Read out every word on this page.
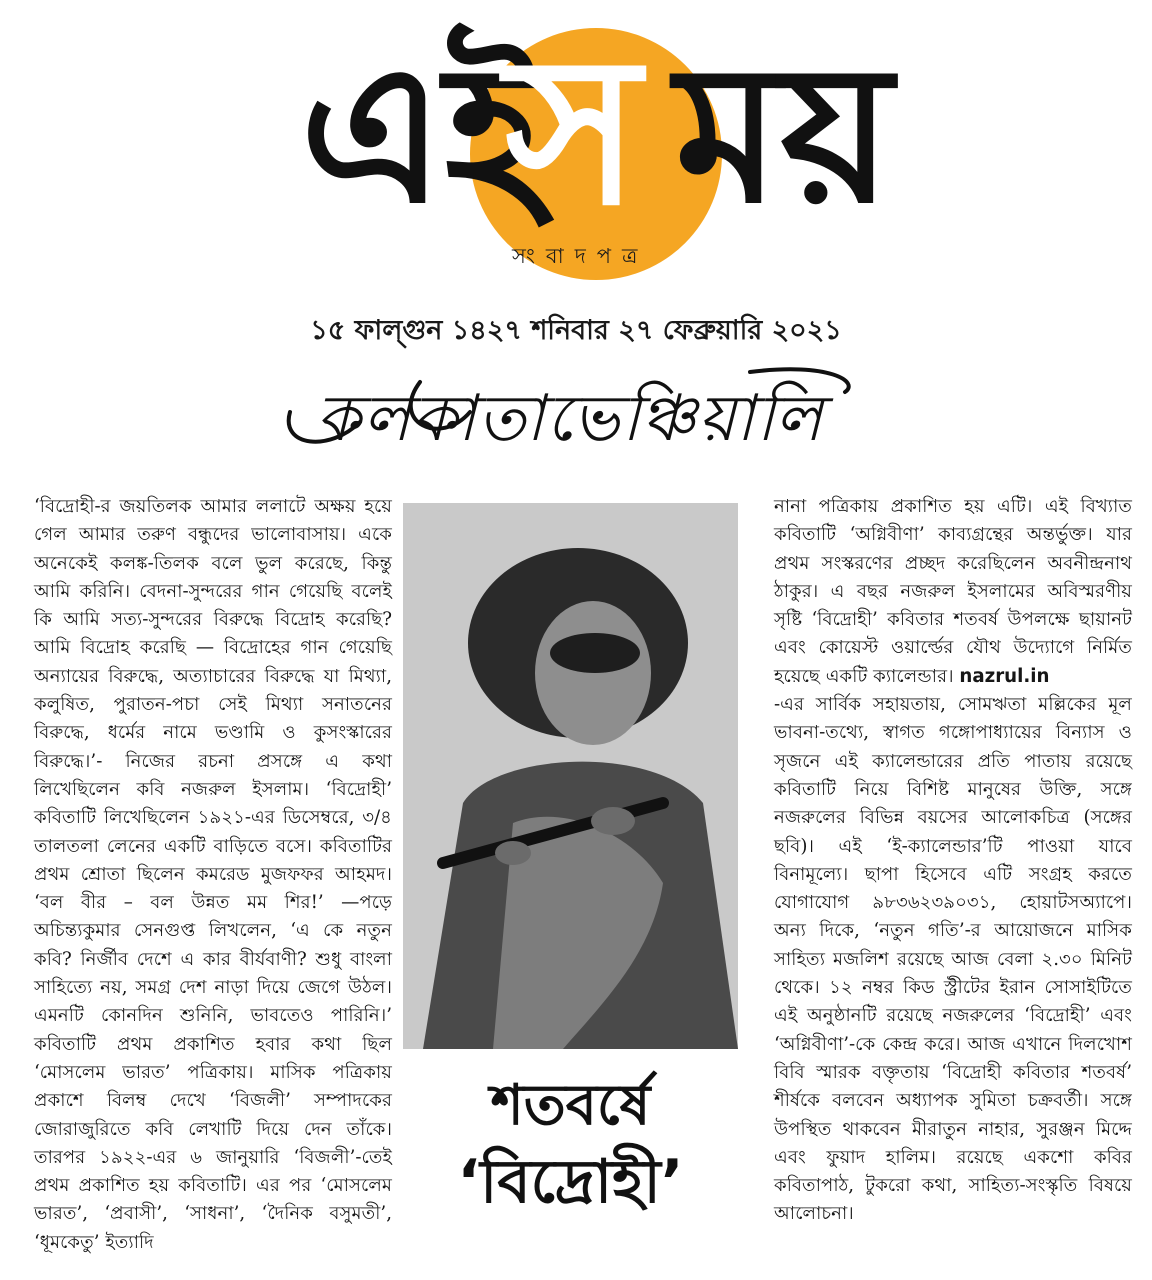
এই
স ময়
সংবাদপত্র
১৫ ফাল্গুন ১৪২৭ শনিবার ২৭ ফেব্রুয়ারি ২০২১
কলকাতাভেঞ্চিয়ালি

‘বিদ্রোহী-র জয়তিলক আমার ললাটে অক্ষয় হয়ে গেল আমার তরুণ বন্ধুদের ভালোবাসায়। একে অনেকেই কলঙ্ক-তিলক বলে ভুল করেছে, কিন্তু আমি করিনি। বেদনা-সুন্দরের গান গেয়েছি বলেই কি আমি সত্য-সুন্দরের বিরুদ্ধে বিদ্রোহ করেছি? আমি বিদ্রোহ করেছি — বিদ্রোহের গান গেয়েছি অন্যায়ের বিরুদ্ধে, অত্যাচারের বিরুদ্ধে যা মিথ্যা, কলুষিত, পুরাতন-পচা সেই মিথ্যা সনাতনের বিরুদ্ধে, ধর্মের নামে ভণ্ডামি ও কুসংস্কারের বিরুদ্ধে।’- নিজের রচনা প্রসঙ্গে এ কথা লিখেছিলেন কবি নজরুল ইসলাম। ‘বিদ্রোহী’ কবিতাটি লিখেছিলেন ১৯২১-এর ডিসেম্বরে, ৩/৪ তালতলা লেনের একটি বাড়িতে বসে। কবিতাটির প্রথম শ্রোতা ছিলেন কমরেড মুজফফর আহমদ। ‘বল বীর – বল উন্নত মম শির!’ —পড়ে অচিন্ত্যকুমার সেনগুপ্ত লিখলেন, ‘এ কে নতুন কবি? নির্জীব দেশে এ কার বীর্যবাণী? শুধু বাংলা সাহিত্যে নয়, সমগ্র দেশ নাড়া দিয়ে জেগে উঠল। এমনটি কোনদিন শুনিনি, ভাবতেও পারিনি।’ কবিতাটি প্রথম প্রকাশিত হবার কথা ছিল ‘মোসলেম ভারত’ পত্রিকায়। মাসিক পত্রিকায় প্রকাশে বিলম্ব দেখে ‘বিজলী’ সম্পাদকের জোরাজুরিতে কবি লেখাটি দিয়ে দেন তাঁকে। তারপর ১৯২২-এর ৬ জানুয়ারি ‘বিজলী’-তেই প্রথম প্রকাশিত হয় কবিতাটি। এর পর ‘মোসলেম ভারত’, ‘প্রবাসী’, ‘সাধনা’, ‘দৈনিক বসুমতী’, ‘ধূমকেতু’ ইত্যাদি

শতবর্ষে
‘বিদ্রোহী’

নানা পত্রিকায় প্রকাশিত হয় এটি। এই বিখ্যাত কবিতাটি ‘অগ্নিবীণা’ কাব্যগ্রন্থের অন্তর্ভুক্ত। যার প্রথম সংস্করণের প্রচ্ছদ করেছিলেন অবনীন্দ্রনাথ ঠাকুর। এ বছর নজরুল ইসলামের অবিস্মরণীয় সৃষ্টি ‘বিদ্রোহী’ কবিতার শতবর্ষ উপলক্ষে ছায়ানট এবং কোয়েস্ট ওয়ার্ল্ডের যৌথ উদ্যোগে নির্মিত হয়েছে একটি ক্যালেন্ডার। nazrul.in
-এর সার্বিক সহায়তায়, সোমঋতা মল্লিকের মূল ভাবনা-তথ্যে, স্বাগত গঙ্গোপাধ্যায়ের বিন্যাস ও সৃজনে এই ক্যালেন্ডারের প্রতি পাতায় রয়েছে কবিতাটি নিয়ে বিশিষ্ট মানুষের উক্তি, সঙ্গে নজরুলের বিভিন্ন বয়সের আলোকচিত্র (সঙ্গের ছবি)। এই ‘ই-ক্যালেন্ডার’টি পাওয়া যাবে বিনামূল্যে। ছাপা হিসেবে এটি সংগ্রহ করতে যোগাযোগ ৯৮৩৬২৩৯০৩১, হোয়াটসঅ্যাপে। অন্য দিকে, ‘নতুন গতি’-র আয়োজনে মাসিক সাহিত্য মজলিশ রয়েছে আজ বেলা ২.৩০ মিনিট থেকে। ১২ নম্বর কিড স্ট্রীটের ইরান সোসাইটিতে এই অনুষ্ঠানটি রয়েছে নজরুলের ‘বিদ্রোহী’ এবং ‘অগ্নিবীণা’-কে কেন্দ্র করে। আজ এখানে দিলখোশ বিবি স্মারক বক্তৃতায় ‘বিদ্রোহী কবিতার শতবর্ষ’ শীর্ষকে বলবেন অধ্যাপক সুমিতা চক্রবর্তী। সঙ্গে উপস্থিত থাকবেন মীরাতুন নাহার, সুরঞ্জন মিদ্দে এবং ফুয়াদ হালিম। রয়েছে একশো কবির কবিতাপাঠ, টুকরো কথা, সাহিত্য-সংস্কৃতি বিষয়ে আলোচনা।
